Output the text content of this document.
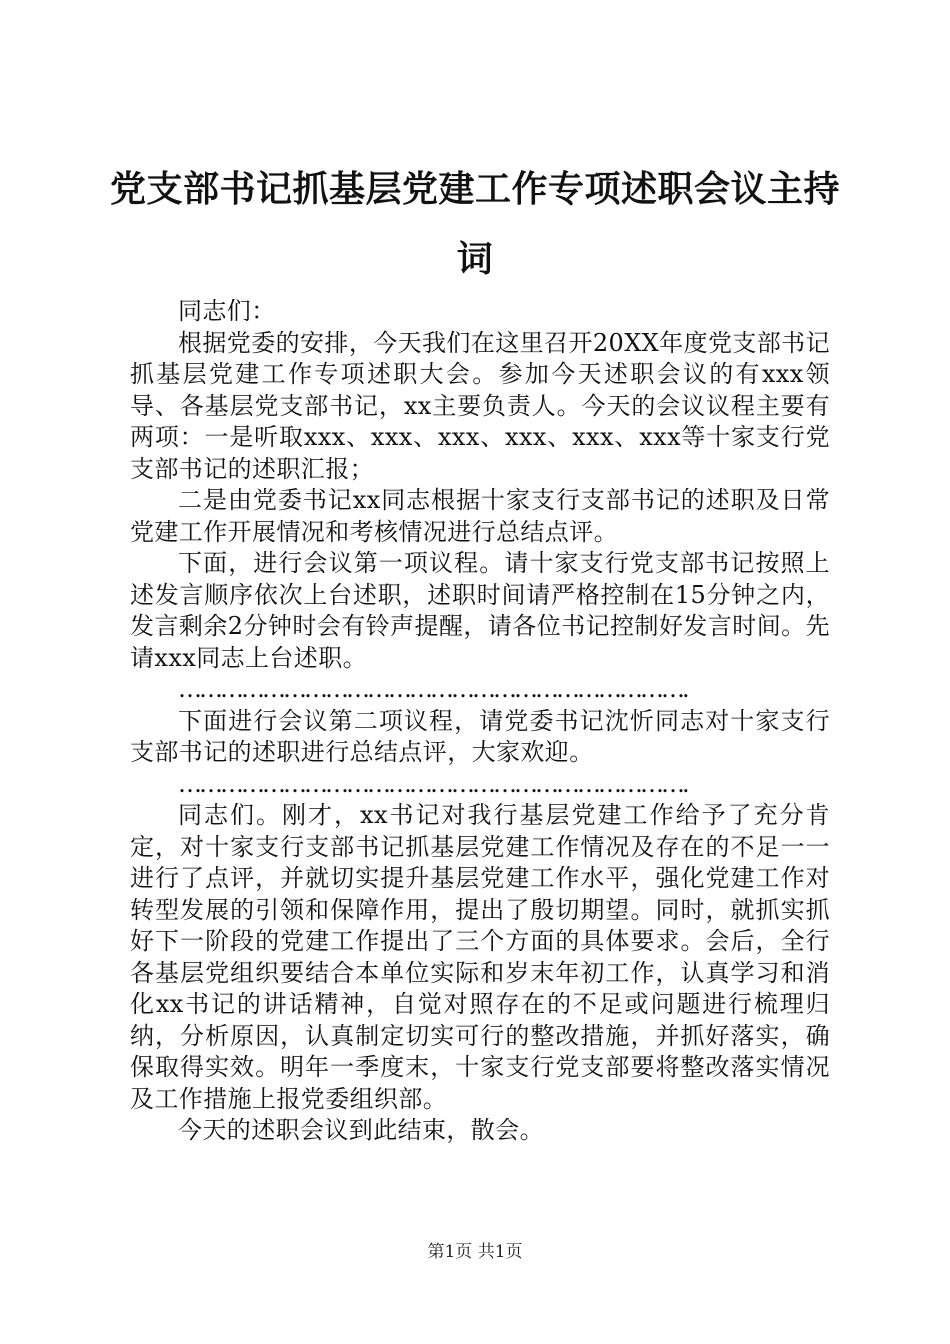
党支部书记抓基层党建工作专项述职会议主持词

同志们：

根据党委的安排，今天我们在这里召开20XX年度党支部书记抓基层党建工作专项述职大会。参加今天述职会议的有xxx领导、各基层党支部书记，xx主要负责人。今天的会议议程主要有两项：一是听取xxx、xxx、xxx、xxx、xxx、xxx等十家支行党支部书记的述职汇报；

二是由党委书记xx同志根据十家支行支部书记的述职及日常党建工作开展情况和考核情况进行总结点评。

下面，进行会议第一项议程。请十家支行党支部书记按照上述发言顺序依次上台述职，述职时间请严格控制在15分钟之内，发言剩余2分钟时会有铃声提醒，请各位书记控制好发言时间。先请xxx同志上台述职。

……………………………………………………………….

下面进行会议第二项议程，请党委书记沈忻同志对十家支行支部书记的述职进行总结点评，大家欢迎。

……………………………………………………………….

同志们。刚才，xx书记对我行基层党建工作给予了充分肯定，对十家支行支部书记抓基层党建工作情况及存在的不足一一进行了点评，并就切实提升基层党建工作水平，强化党建工作对转型发展的引领和保障作用，提出了殷切期望。同时，就抓实抓好下一阶段的党建工作提出了三个方面的具体要求。会后，全行各基层党组织要结合本单位实际和岁末年初工作，认真学习和消化xx书记的讲话精神，自觉对照存在的不足或问题进行梳理归纳，分析原因，认真制定切实可行的整改措施，并抓好落实，确保取得实效。明年一季度末，十家支行党支部要将整改落实情况及工作措施上报党委组织部。

今天的述职会议到此结束，散会。

第1页 共1页
